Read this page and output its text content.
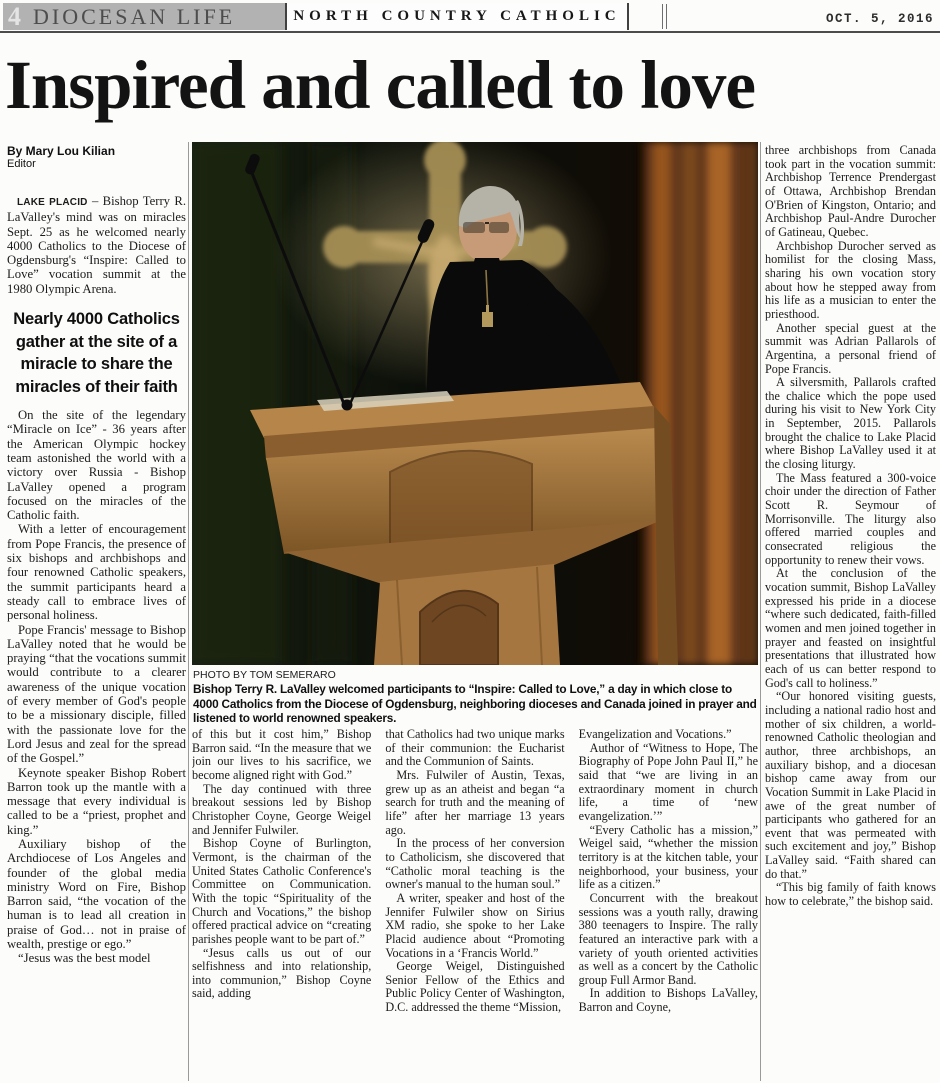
4 DIOCESAN LIFE	NORTH COUNTRY CATHOLIC	OCT. 5, 2016
Inspired and called to love
By Mary Lou Kilian
Editor

LAKE PLACID – Bishop Terry R. LaValley's mind was on miracles Sept. 25 as he welcomed nearly 4000 Catholics to the Diocese of Ogdensburg's “Inspire: Called to Love” vocation summit at the 1980 Olympic Arena.

Nearly 4000 Catholics gather at the site of a miracle to share the miracles of their faith

On the site of the legendary “Miracle on Ice” - 36 years after the American Olympic hockey team astonished the world with a victory over Russia - Bishop LaValley opened a program focused on the miracles of the Catholic faith.

With a letter of encouragement from Pope Francis, the presence of six bishops and archbishops and four renowned Catholic speakers, the summit participants heard a steady call to embrace lives of personal holiness.

Pope Francis' message to Bishop LaValley noted that he would be praying “that the vocations summit would contribute to a clearer awareness of the unique vocation of every member of God's people to be a missionary disciple, filled with the passionate love for the Lord Jesus and zeal for the spread of the Gospel.”

Keynote speaker Bishop Robert Barron took up the mantle with a message that every individual is called to be a “priest, prophet and king.”

Auxiliary bishop of the Archdiocese of Los Angeles and founder of the global media ministry Word on Fire, Bishop Barron said, “the vocation of the human is to lead all creation in praise of God… not in praise of wealth, prestige or ego.”

“Jesus was the best model

PHOTO BY TOM SEMERARO
Bishop Terry R. LaValley welcomed participants to “Inspire: Called to Love,” a day in which close to 4000 Catholics from the Diocese of Ogdensburg, neighboring dioceses and Canada joined in prayer and listened to world renowned speakers.

of this but it cost him,” Bishop Barron said. “In the measure that we join our lives to his sacrifice, we become aligned right with God.”

The day continued with three breakout sessions led by Bishop Christopher Coyne, George Weigel and Jennifer Fulwiler.

Bishop Coyne of Burlington, Vermont, is the chairman of the United States Catholic Conference's Committee on Communication. With the topic “Spirituality of the Church and Vocations,” the bishop offered practical advice on “creating parishes people want to be part of.”

“Jesus calls us out of our selfishness and into relationship, into communion,” Bishop Coyne said, adding

that Catholics had two unique marks of their communion: the Eucharist and the Communion of Saints.

Mrs. Fulwiler of Austin, Texas, grew up as an atheist and began “a search for truth and the meaning of life” after her marriage 13 years ago.

In the process of her conversion to Catholicism, she discovered that “Catholic moral teaching is the owner's manual to the human soul.”

A writer, speaker and host of the Jennifer Fulwiler show on Sirius XM radio, she spoke to her Lake Placid audience about “Promoting Vocations in a ‘Francis World.”

George Weigel, Distinguished Senior Fellow of the Ethics and Public Policy Center of Washington, D.C. addressed the theme “Mission,

Evangelization and Vocations.”

Author of “Witness to Hope, The Biography of Pope John Paul II,” he said that “we are living in an extraordinary moment in church life, a time of ‘new evangelization.’”

“Every Catholic has a mission,” Weigel said, “whether the mission territory is at the kitchen table, your neighborhood, your business, your life as a citizen.”

Concurrent with the breakout sessions was a youth rally, drawing 380 teenagers to Inspire. The rally featured an interactive park with a variety of youth oriented activities as well as a concert by the Catholic group Full Armor Band.

In addition to Bishops LaValley, Barron and Coyne,

three archbishops from Canada took part in the vocation summit: Archbishop Terrence Prendergast of Ottawa, Archbishop Brendan O'Brien of Kingston, Ontario; and Archbishop Paul-Andre Durocher of Gatineau, Quebec.

Archbishop Durocher served as homilist for the closing Mass, sharing his own vocation story about how he stepped away from his life as a musician to enter the priesthood.

Another special guest at the summit was Adrian Pallarols of Argentina, a personal friend of Pope Francis.

A silversmith, Pallarols crafted the chalice which the pope used during his visit to New York City in September, 2015. Pallarols brought the chalice to Lake Placid where Bishop LaValley used it at the closing liturgy.

The Mass featured a 300-voice choir under the direction of Father Scott R. Seymour of Morrisonville. The liturgy also offered married couples and consecrated religious the opportunity to renew their vows.

At the conclusion of the vocation summit, Bishop LaValley expressed his pride in a diocese “where such dedicated, faith-filled women and men joined together in prayer and feasted on insightful presentations that illustrated how each of us can better respond to God's call to holiness.”

“Our honored visiting guests, including a national radio host and mother of six children, a world-renowned Catholic theologian and author, three archbishops, an auxiliary bishop, and a diocesan bishop came away from our Vocation Summit in Lake Placid in awe of the great number of participants who gathered for an event that was permeated with such excitement and joy,” Bishop LaValley said. “Faith shared can do that.”

“This big family of faith knows how to celebrate,” the bishop said.
